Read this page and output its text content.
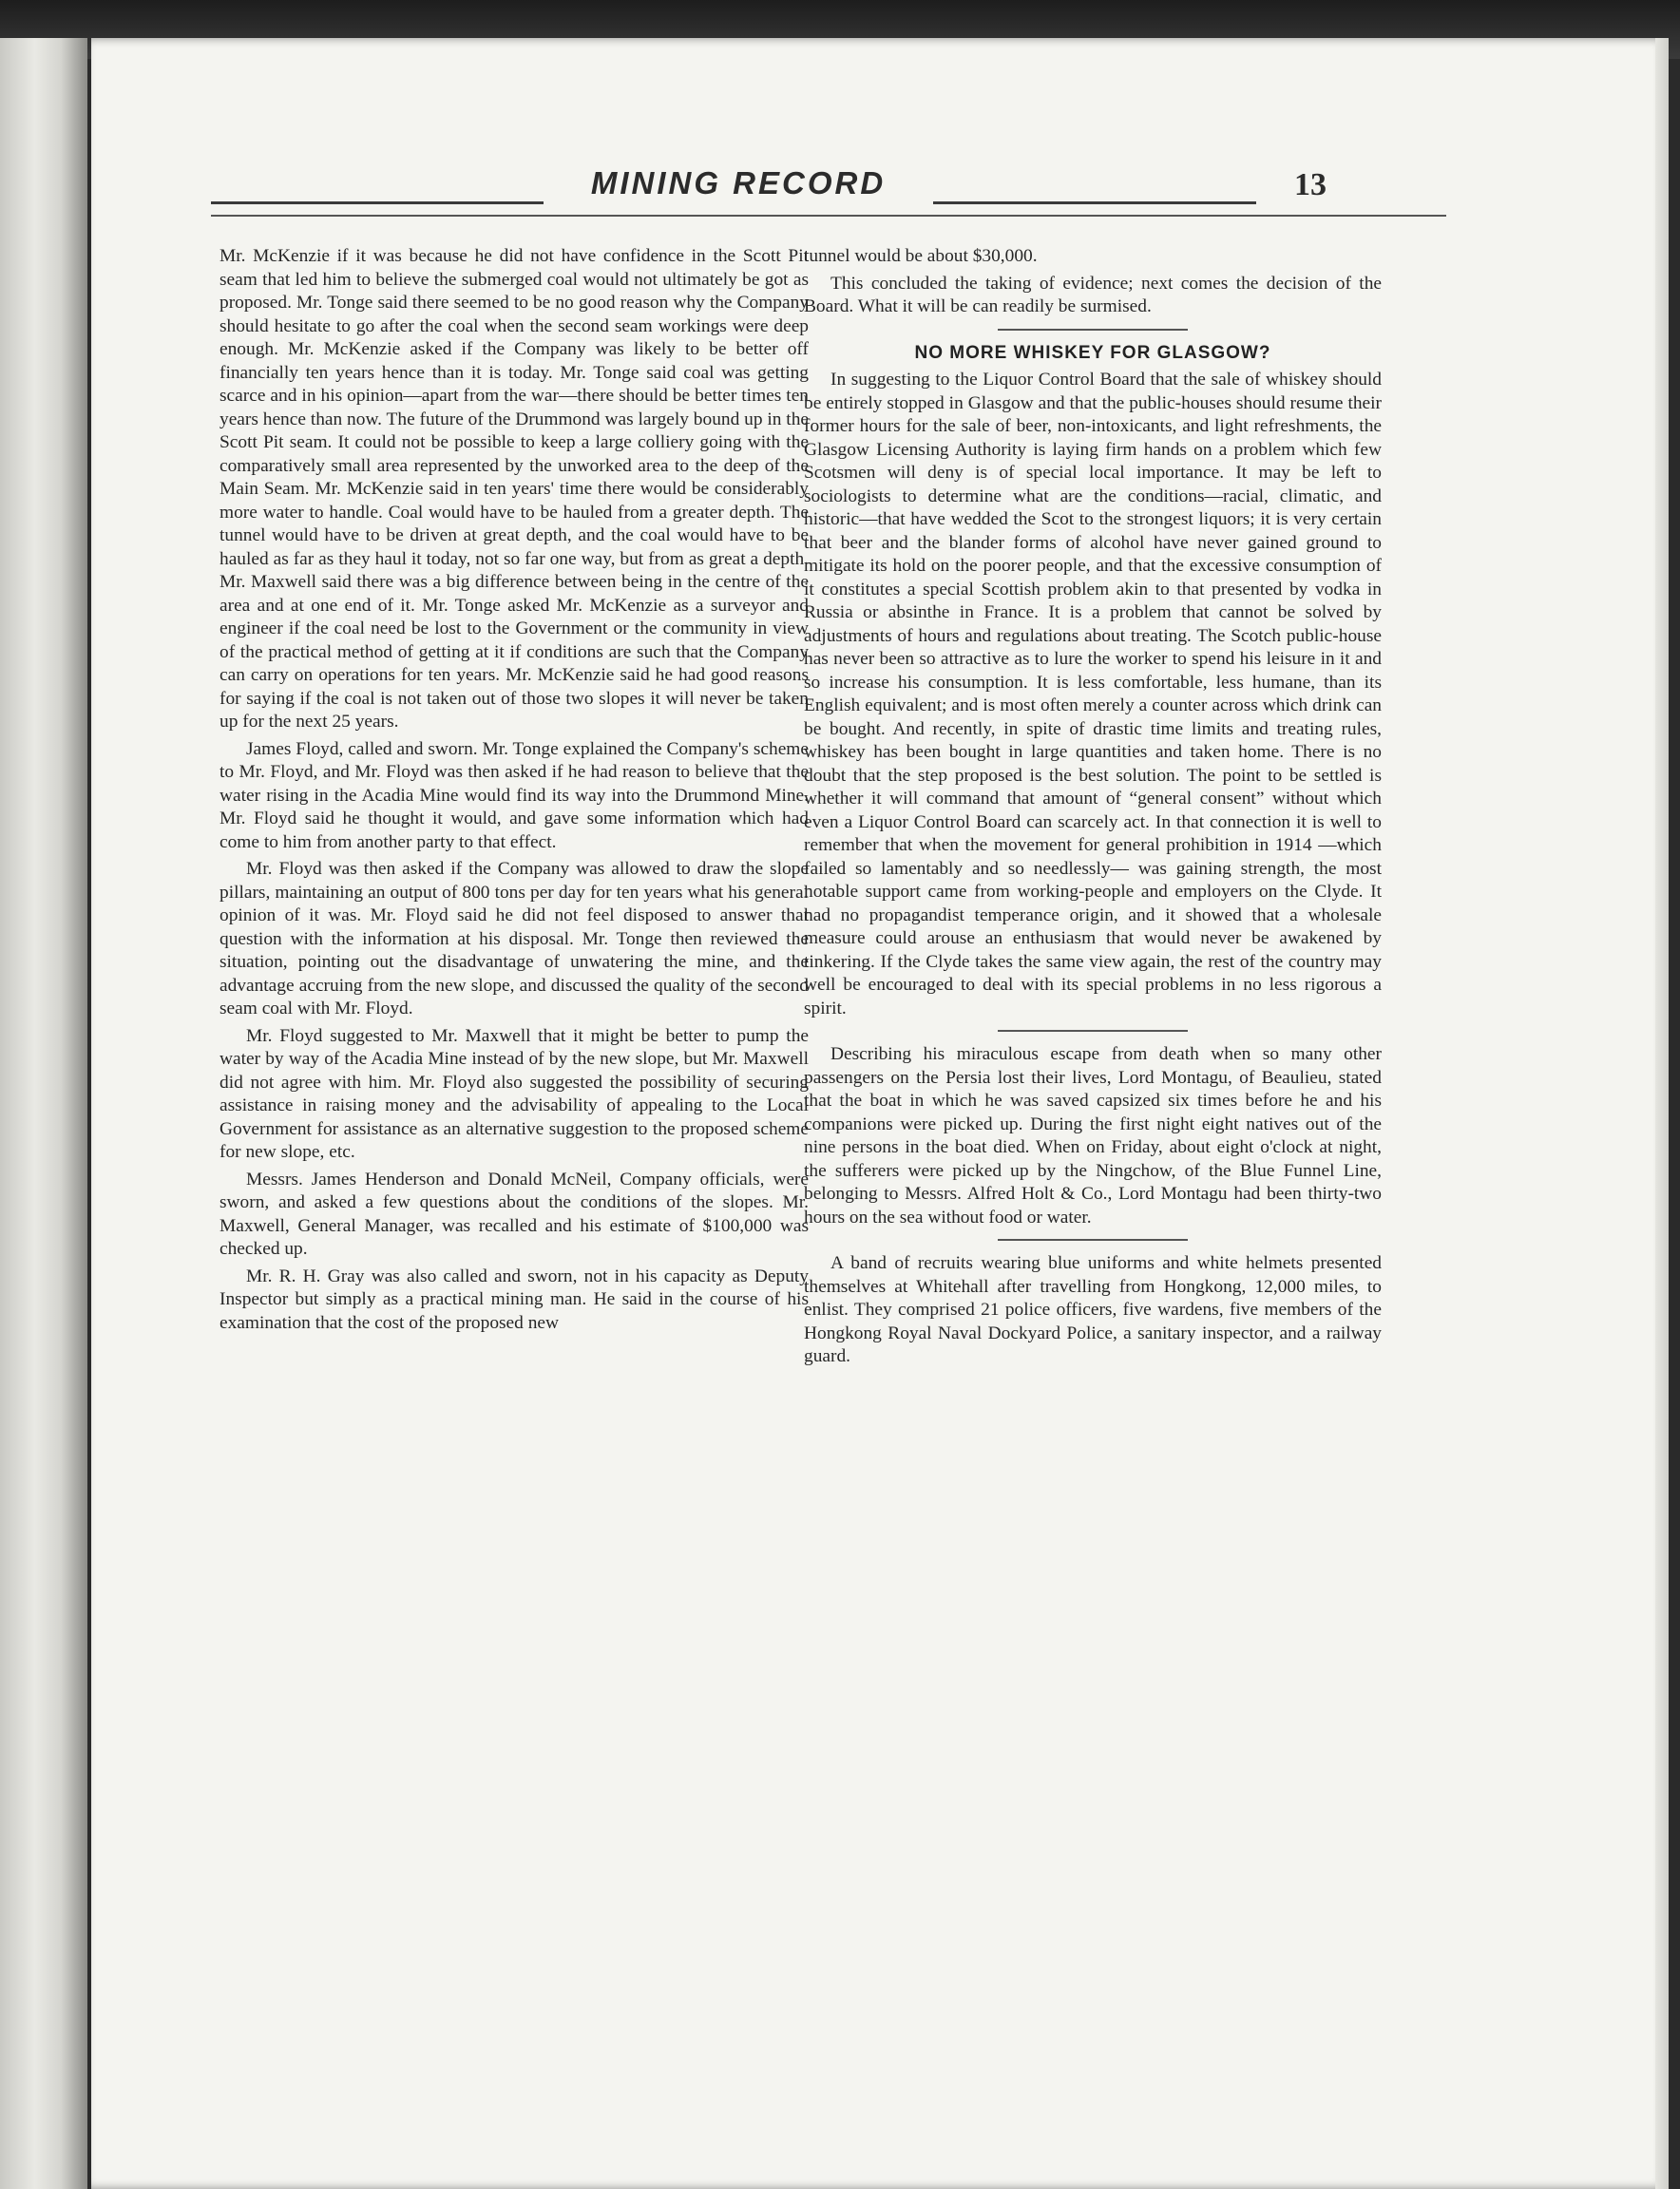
MINING RECORD	13

Mr. McKenzie if it was because he did not have confidence in the Scott Pit seam that led him to believe the submerged coal would not ultimately be got as proposed. Mr. Tonge said there seemed to be no good reason why the Company should hesitate to go after the coal when the second seam workings were deep enough. Mr. McKenzie asked if the Company was likely to be better off financially ten years hence than it is today. Mr. Tonge said coal was getting scarce and in his opinion—apart from the war—there should be better times ten years hence than now. The future of the Drummond was largely bound up in the Scott Pit seam. It could not be possible to keep a large colliery going with the comparatively small area represented by the unworked area to the deep of the Main Seam. Mr. McKenzie said in ten years' time there would be considerably more water to handle. Coal would have to be hauled from a greater depth. The tunnel would have to be driven at great depth, and the coal would have to be hauled as far as they haul it today, not so far one way, but from as great a depth. Mr. Maxwell said there was a big difference between being in the centre of the area and at one end of it. Mr. Tonge asked Mr. McKenzie as a surveyor and engineer if the coal need be lost to the Government or the community in view of the practical method of getting at it if conditions are such that the Company can carry on operations for ten years. Mr. McKenzie said he had good reasons for saying if the coal is not taken out of those two slopes it will never be taken up for the next 25 years.

James Floyd, called and sworn. Mr. Tonge explained the Company's scheme to Mr. Floyd, and Mr. Floyd was then asked if he had reason to believe that the water rising in the Acadia Mine would find its way into the Drummond Mine. Mr. Floyd said he thought it would, and gave some information which had come to him from another party to that effect.

Mr. Floyd was then asked if the Company was allowed to draw the slope pillars, maintaining an output of 800 tons per day for ten years what his general opinion of it was. Mr. Floyd said he did not feel disposed to answer that question with the information at his disposal. Mr. Tonge then reviewed the situation, pointing out the disadvantage of unwatering the mine, and the advantage accruing from the new slope, and discussed the quality of the second seam coal with Mr. Floyd.

Mr. Floyd suggested to Mr. Maxwell that it might be better to pump the water by way of the Acadia Mine instead of by the new slope, but Mr. Maxwell did not agree with him. Mr. Floyd also suggested the possibility of securing assistance in raising money and the advisability of appealing to the Local Government for assistance as an alternative suggestion to the proposed scheme for new slope, etc.

Messrs. James Henderson and Donald McNeil, Company officials, were sworn, and asked a few questions about the conditions of the slopes. Mr. Maxwell, General Manager, was recalled and his estimate of $100,000 was checked up.

Mr. R. H. Gray was also called and sworn, not in his capacity as Deputy Inspector but simply as a practical mining man. He said in the course of his examination that the cost of the proposed new

tunnel would be about $30,000.

This concluded the taking of evidence; next comes the decision of the Board. What it will be can readily be surmised.

NO MORE WHISKEY FOR GLASGOW?

In suggesting to the Liquor Control Board that the sale of whiskey should be entirely stopped in Glasgow and that the public-houses should resume their former hours for the sale of beer, non-intoxicants, and light refreshments, the Glasgow Licensing Authority is laying firm hands on a problem which few Scotsmen will deny is of special local importance. It may be left to sociologists to determine what are the conditions—racial, climatic, and historic—that have wedded the Scot to the strongest liquors; it is very certain that beer and the blander forms of alcohol have never gained ground to mitigate its hold on the poorer people, and that the excessive consumption of it constitutes a special Scottish problem akin to that presented by vodka in Russia or absinthe in France. It is a problem that cannot be solved by adjustments of hours and regulations about treating. The Scotch public-house has never been so attractive as to lure the worker to spend his leisure in it and so increase his consumption. It is less comfortable, less humane, than its English equivalent; and is most often merely a counter across which drink can be bought. And recently, in spite of drastic time limits and treating rules, whiskey has been bought in large quantities and taken home. There is no doubt that the step proposed is the best solution. The point to be settled is whether it will command that amount of “general consent” without which even a Liquor Control Board can scarcely act. In that connection it is well to remember that when the movement for general prohibition in 1914 —which failed so lamentably and so needlessly— was gaining strength, the most notable support came from working-people and employers on the Clyde. It had no propagandist temperance origin, and it showed that a wholesale measure could arouse an enthusiasm that would never be awakened by tinkering. If the Clyde takes the same view again, the rest of the country may well be encouraged to deal with its special problems in no less rigorous a spirit.

Describing his miraculous escape from death when so many other passengers on the Persia lost their lives, Lord Montagu, of Beaulieu, stated that the boat in which he was saved capsized six times before he and his companions were picked up. During the first night eight natives out of the nine persons in the boat died. When on Friday, about eight o'clock at night, the sufferers were picked up by the Ningchow, of the Blue Funnel Line, belonging to Messrs. Alfred Holt & Co., Lord Montagu had been thirty-two hours on the sea without food or water.

A band of recruits wearing blue uniforms and white helmets presented themselves at Whitehall after travelling from Hongkong, 12,000 miles, to enlist. They comprised 21 police officers, five wardens, five members of the Hongkong Royal Naval Dockyard Police, a sanitary inspector, and a railway guard.
